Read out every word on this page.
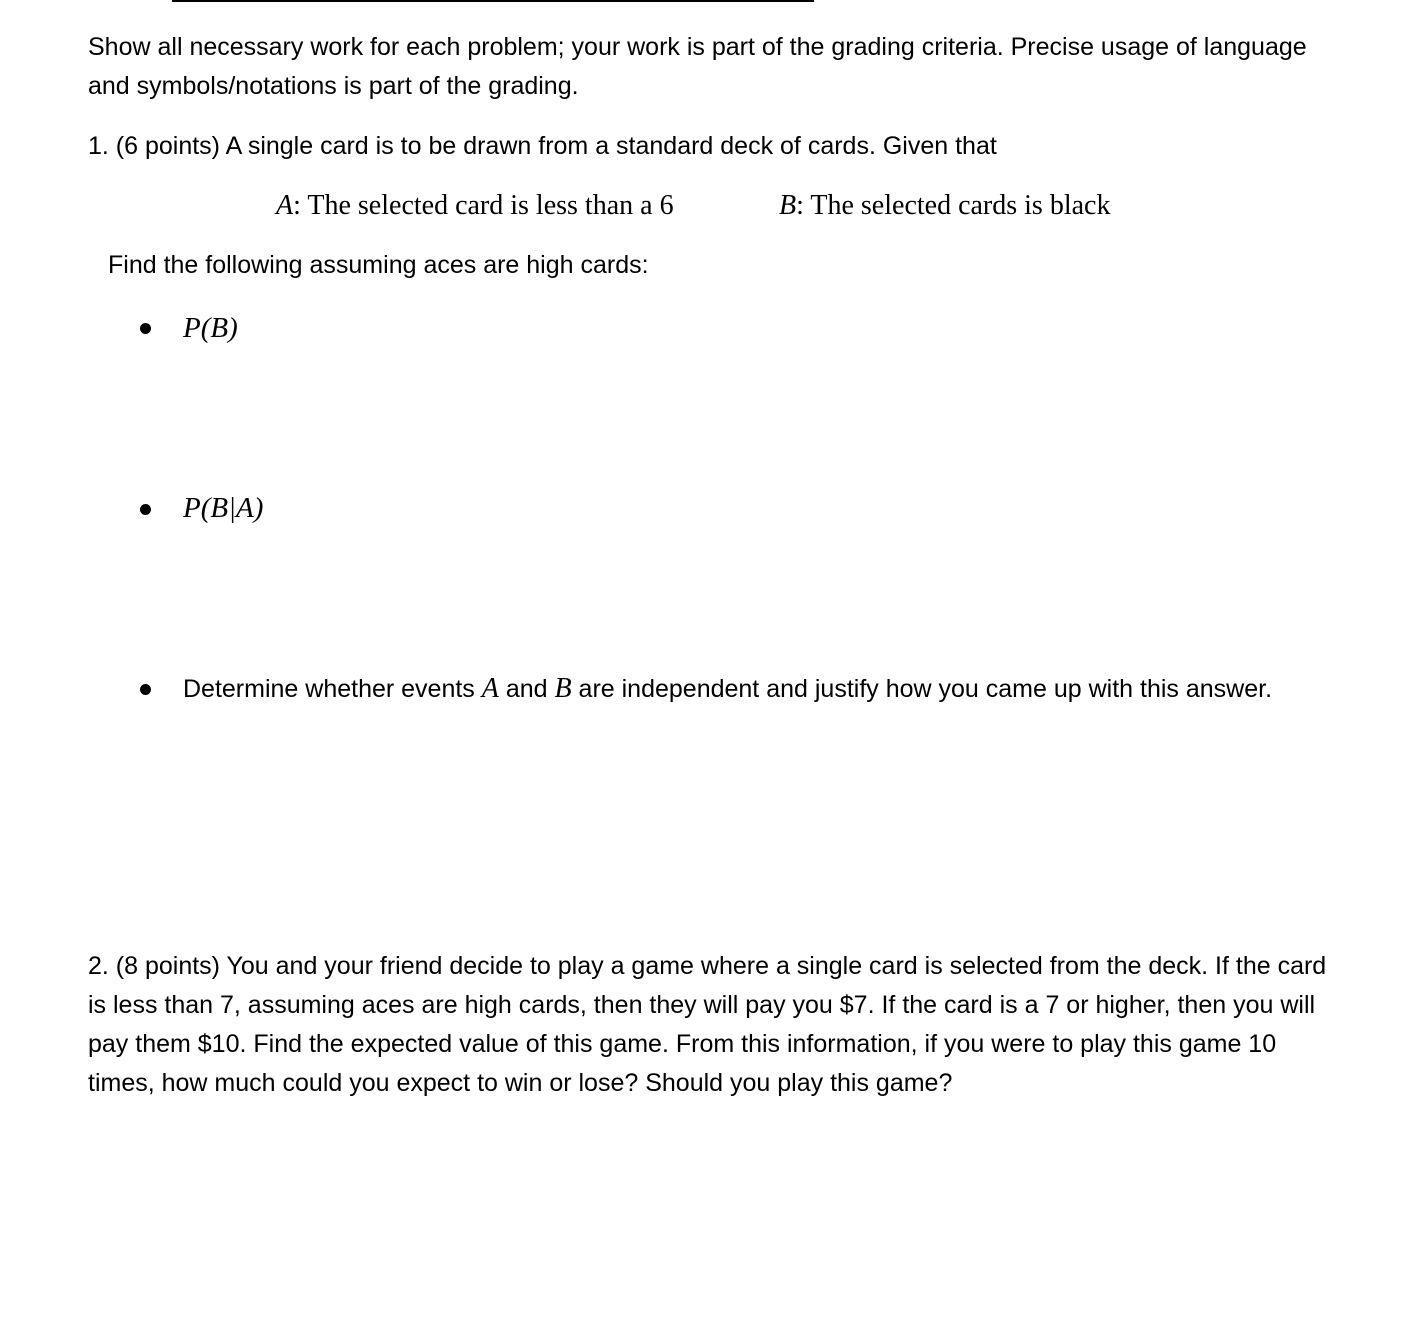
Show all necessary work for each problem; your work is part of the grading criteria. Precise usage of language and symbols/notations is part of the grading.

1. (6 points) A single card is to be drawn from a standard deck of cards. Given that

A: The selected card is less than a 6	B: The selected cards is black

Find the following assuming aces are high cards:

P(B)
P(B|A)

Determine whether events A and B are independent and justify how you came up with this answer.

2. (8 points) You and your friend decide to play a game where a single card is selected from the deck. If the card is less than 7, assuming aces are high cards, then they will pay you $7. If the card is a 7 or higher, then you will pay them $10. Find the expected value of this game. From this information, if you were to play this game 10 times, how much could you expect to win or lose? Should you play this game?
